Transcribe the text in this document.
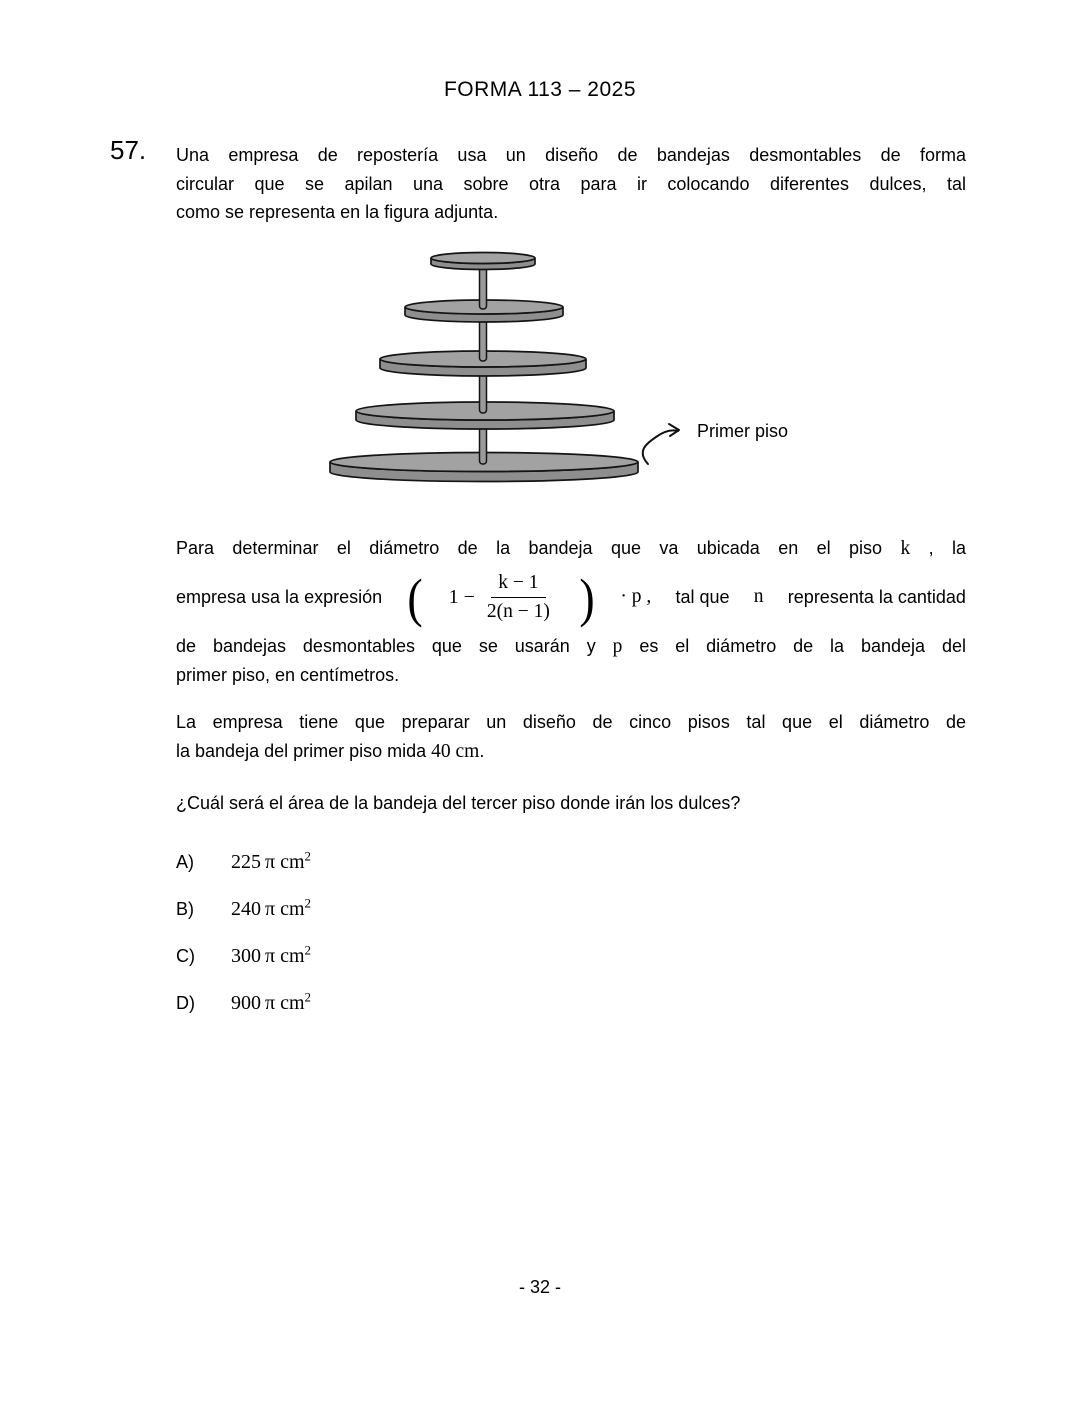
FORMA 113 – 2025
57. Una empresa de repostería usa un diseño de bandejas desmontables de forma
circular que se apilan una sobre otra para ir colocando diferentes dulces, tal
como se representa en la figura adjunta.
Primer piso
Para determinar el diámetro de la bandeja que va ubicada en el piso k , la
empresa usa la expresión ( $1 - \frac{k - 1}{2(n - 1)}$ ) · p , tal que n representa la cantidad
de bandejas desmontables que se usarán y p es el diámetro de la bandeja del
primer piso, en centímetros.
La empresa tiene que preparar un diseño de cinco pisos tal que el diámetro de
la bandeja del primer piso mida 40 cm.
¿Cuál será el área de la bandeja del tercer piso donde irán los dulces?
A)	225 π $cm^2$
B)	240 π $cm^2$
C)	300 π $cm^2$
D)	900 π $cm^2$
- 32 -
